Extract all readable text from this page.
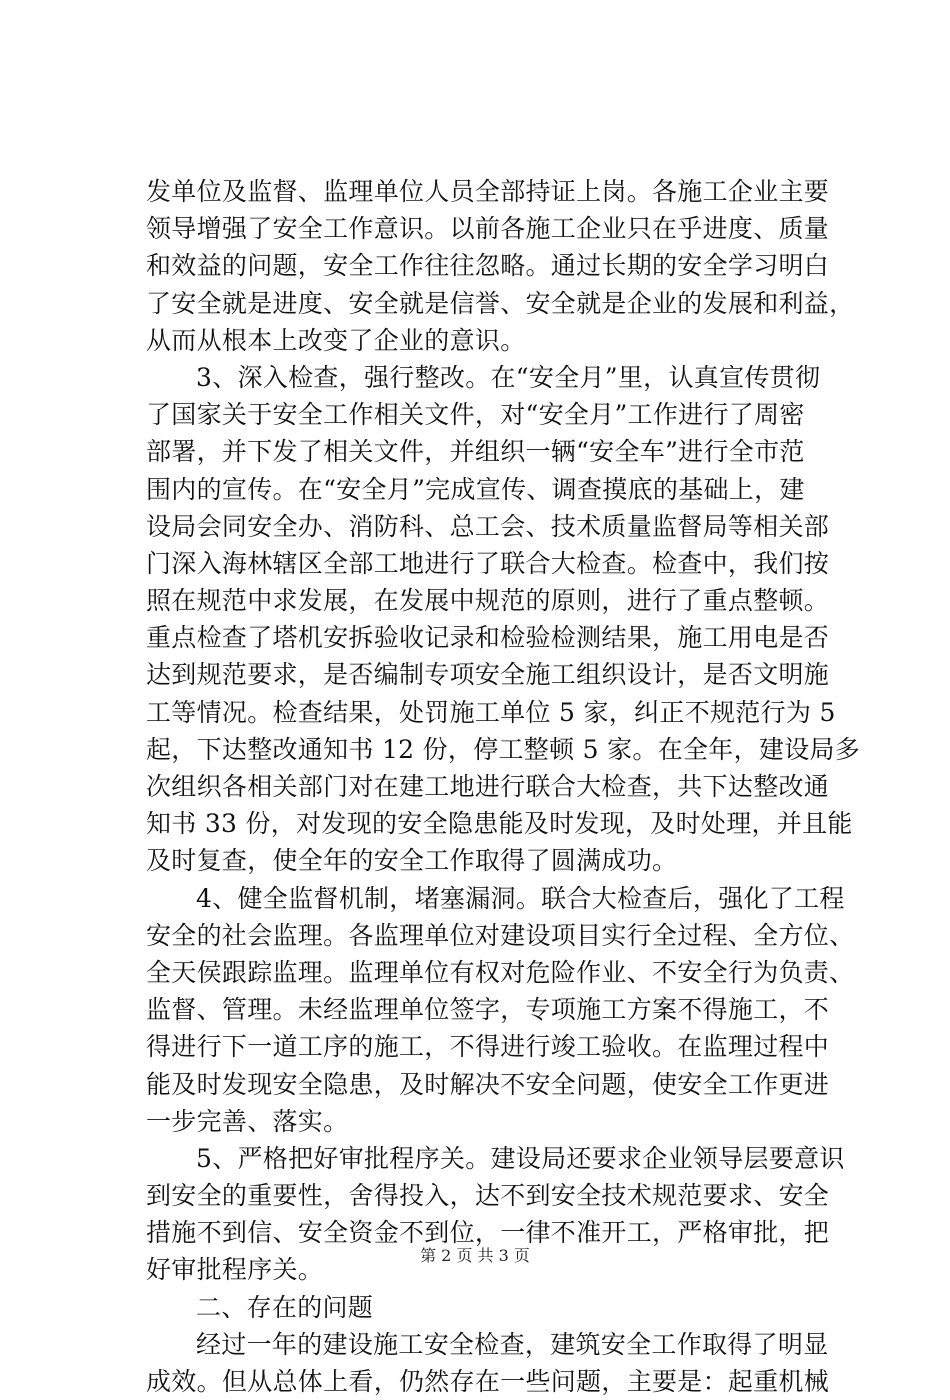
发单位及监督、监理单位人员全部持证上岗。各施工企业主要
领导增强了安全工作意识。以前各施工企业只在乎进度、质量
和效益的问题，安全工作往往忽略。通过长期的安全学习明白
了安全就是进度、安全就是信誉、安全就是企业的发展和利益，
从而从根本上改变了企业的意识。
3、深入检查，强行整改。在“安全月”里，认真宣传贯彻
了国家关于安全工作相关文件，对“安全月”工作进行了周密
部署，并下发了相关文件，并组织一辆“安全车”进行全市范
围内的宣传。在“安全月”完成宣传、调查摸底的基础上，建
设局会同安全办、消防科、总工会、技术质量监督局等相关部
门深入海林辖区全部工地进行了联合大检查。检查中，我们按
照在规范中求发展，在发展中规范的原则，进行了重点整顿。
重点检查了塔机安拆验收记录和检验检测结果，施工用电是否
达到规范要求，是否编制专项安全施工组织设计，是否文明施
工等情况。检查结果，处罚施工单位 5 家，纠正不规范行为 5
起，下达整改通知书 12 份，停工整顿 5 家。在全年，建设局多
次组织各相关部门对在建工地进行联合大检查，共下达整改通
知书 33 份，对发现的安全隐患能及时发现，及时处理，并且能
及时复查，使全年的安全工作取得了圆满成功。
4、健全监督机制，堵塞漏洞。联合大检查后，强化了工程
安全的社会监理。各监理单位对建设项目实行全过程、全方位、
全天侯跟踪监理。监理单位有权对危险作业、不安全行为负责、
监督、管理。未经监理单位签字，专项施工方案不得施工，不
得进行下一道工序的施工，不得进行竣工验收。在监理过程中
能及时发现安全隐患，及时解决不安全问题，使安全工作更进
一步完善、落实。
5、严格把好审批程序关。建设局还要求企业领导层要意识
到安全的重要性，舍得投入，达不到安全技术规范要求、安全
措施不到信、安全资金不到位，一律不准开工，严格审批，把
好审批程序关。
二、存在的问题
经过一年的建设施工安全检查，建筑安全工作取得了明显
成效。但从总体上看，仍然存在一些问题，主要是：起重机械
第 2 页 共 3 页
